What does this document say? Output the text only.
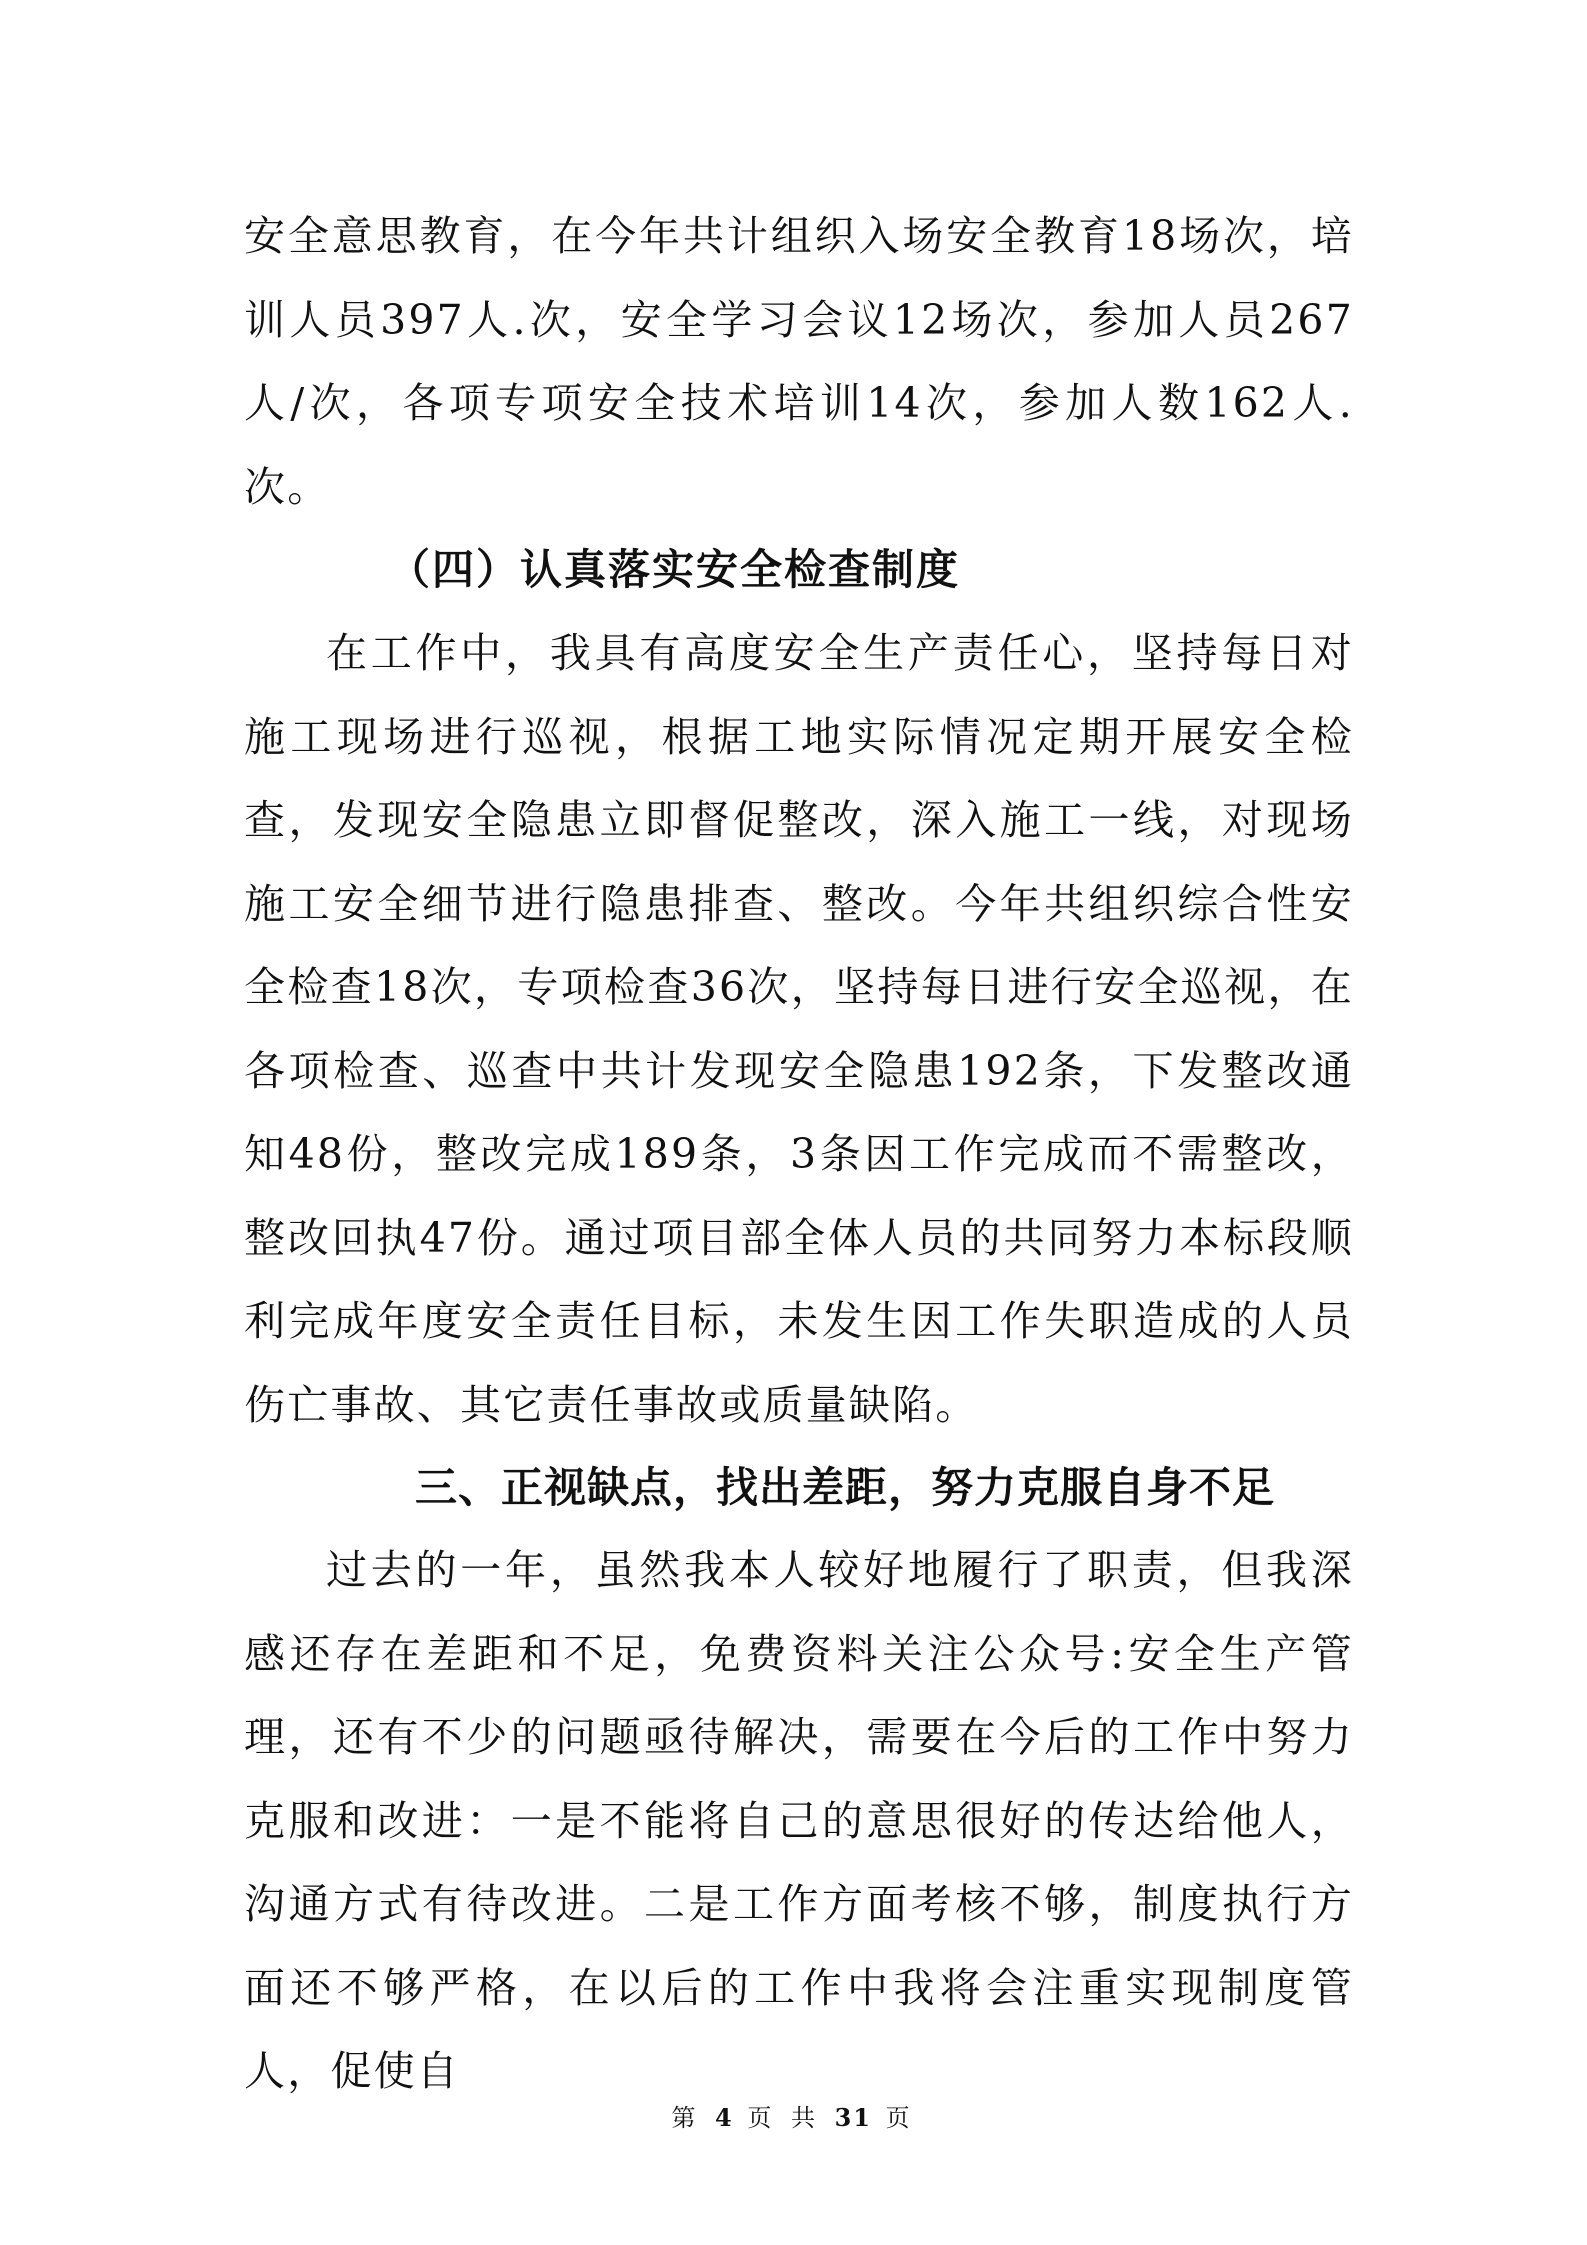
安全意思教育，在今年共计组织入场安全教育18场次，培训人员397人.次，安全学习会议12场次，参加人员267人/次，各项专项安全技术培训14次，参加人数162人.次。
（四）认真落实安全检查制度
在工作中，我具有高度安全生产责任心，坚持每日对施工现场进行巡视，根据工地实际情况定期开展安全检查，发现安全隐患立即督促整改，深入施工一线，对现场施工安全细节进行隐患排查、整改。今年共组织综合性安全检查18次，专项检查36次，坚持每日进行安全巡视，在各项检查、巡查中共计发现安全隐患192条，下发整改通知48份，整改完成189条，3条因工作完成而不需整改，整改回执47份。通过项目部全体人员的共同努力本标段顺利完成年度安全责任目标，未发生因工作失职造成的人员伤亡事故、其它责任事故或质量缺陷。
三、正视缺点，找出差距，努力克服自身不足
过去的一年，虽然我本人较好地履行了职责，但我深感还存在差距和不足，免费资料关注公众号:安全生产管理，还有不少的问题亟待解决，需要在今后的工作中努力克服和改进：一是不能将自己的意思很好的传达给他人，沟通方式有待改进。二是工作方面考核不够，制度执行方面还不够严格，在以后的工作中我将会注重实现制度管人，促使自
第 4 页 共 31 页
